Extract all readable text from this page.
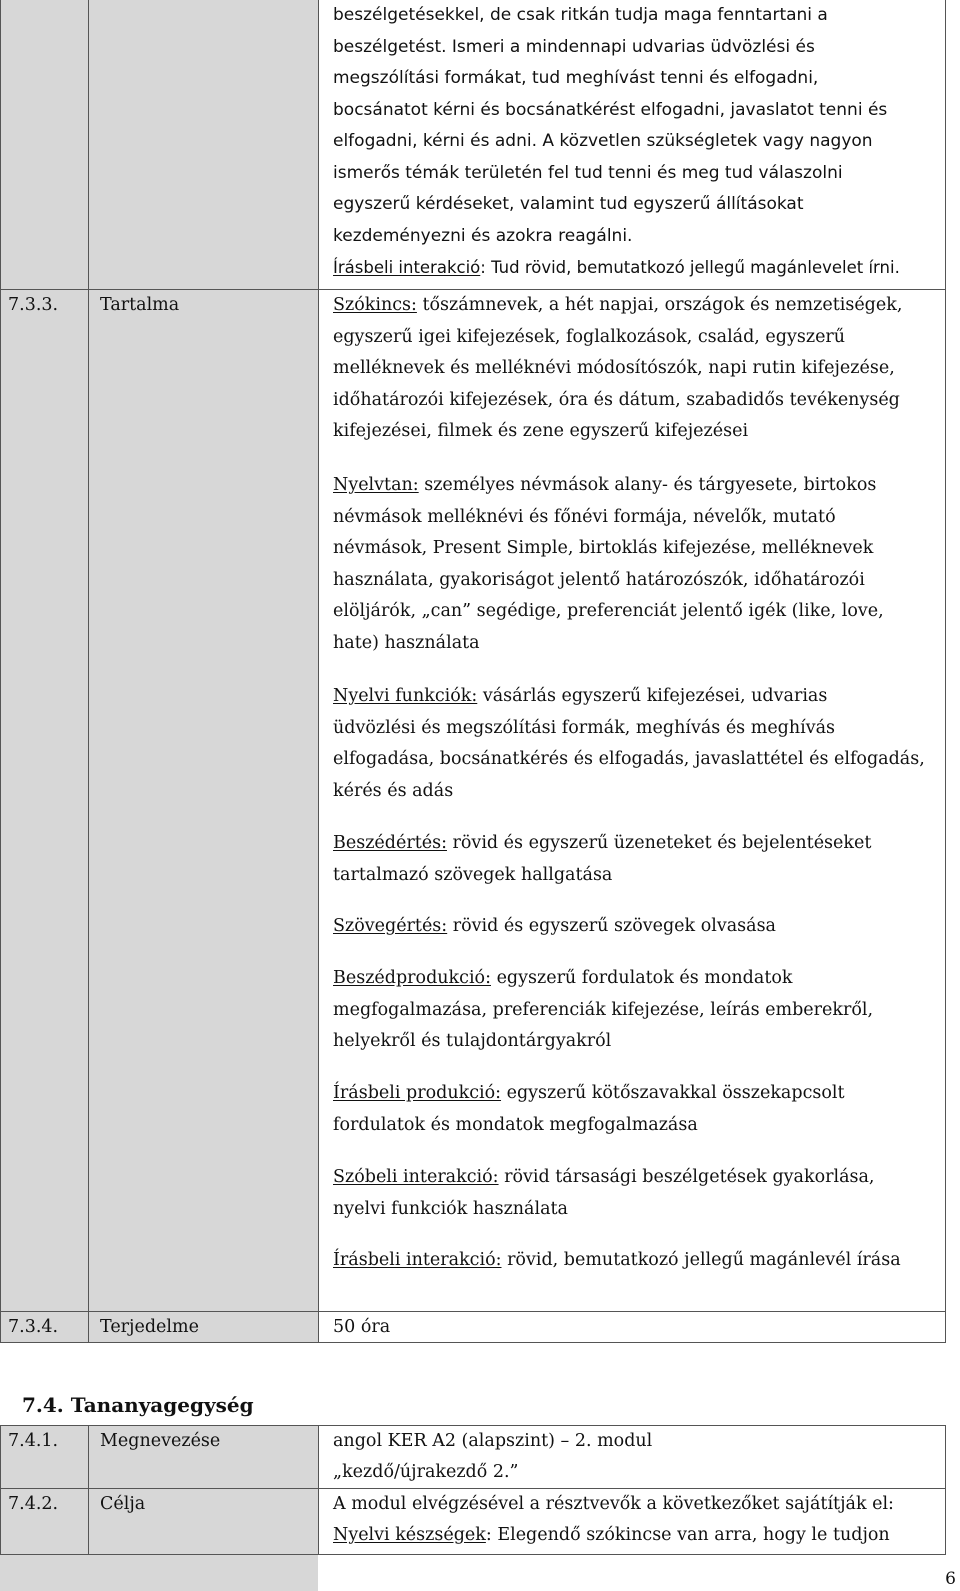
beszélgetésekkel, de csak ritkán tudja maga fenntartani a
beszélgetést. Ismeri a mindennapi udvarias üdvözlési és
megszólítási formákat, tud meghívást tenni és elfogadni,
bocsánatot kérni és bocsánatkérést elfogadni, javaslatot tenni és
elfogadni, kérni és adni. A közvetlen szükségletek vagy nagyon
ismerős témák területén fel tud tenni és meg tud válaszolni
egyszerű kérdéseket, valamint tud egyszerű állításokat
kezdeményezni és azokra reagálni.
Írásbeli interakció: Tud rövid, bemutatkozó jellegű magánlevelet írni.
7.3.3. Tartalma	Szókincs: tőszámnevek, a hét napjai, országok és nemzetiségek,
egyszerű igei kifejezések, foglalkozások, család, egyszerű
melléknevek és melléknévi módosítószók, napi rutin kifejezése,
időhatározói kifejezések, óra és dátum, szabadidős tevékenység
kifejezései, filmek és zene egyszerű kifejezései
Nyelvtan: személyes névmások alany- és tárgyesete, birtokos
névmások melléknévi és főnévi formája, névelők, mutató
névmások, Present Simple, birtoklás kifejezése, melléknevek
használata, gyakoriságot jelentő határozószók, időhatározói
elöljárók, „can” segédige, preferenciát jelentő igék (like, love,
hate) használata
Nyelvi funkciók: vásárlás egyszerű kifejezései, udvarias
üdvözlési és megszólítási formák, meghívás és meghívás
elfogadása, bocsánatkérés és elfogadás, javaslattétel és elfogadás,
kérés és adás
Beszédértés: rövid és egyszerű üzeneteket és bejelentéseket
tartalmazó szövegek hallgatása
Szövegértés: rövid és egyszerű szövegek olvasása
Beszédprodukció: egyszerű fordulatok és mondatok
megfogalmazása, preferenciák kifejezése, leírás emberekről,
helyekről és tulajdontárgyakról
Írásbeli produkció: egyszerű kötőszavakkal összekapcsolt
fordulatok és mondatok megfogalmazása
Szóbeli interakció: rövid társasági beszélgetések gyakorlása,
nyelvi funkciók használata
Írásbeli interakció: rövid, bemutatkozó jellegű magánlevél írása
7.3.4. Terjedelme	50 óra
7.4. Tananyagegység
7.4.1. Megnevezése	angol KER A2 (alapszint) – 2. modul
„kezdő/újrakezdő 2.”
7.4.2. Célja	A modul elvégzésével a résztvevők a következőket sajátítják el:
Nyelvi készségek: Elegendő szókincse van arra, hogy le tudjon
6
